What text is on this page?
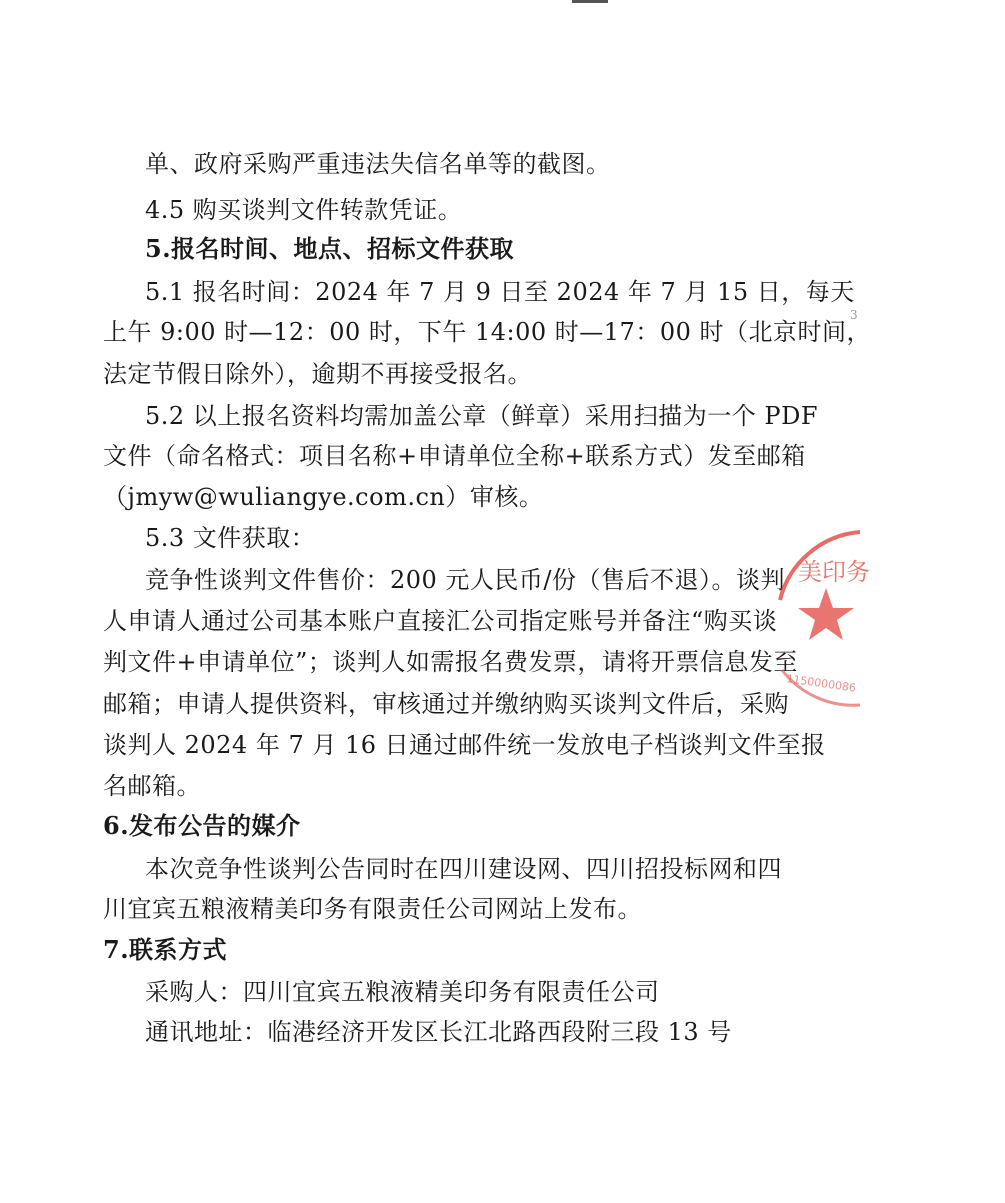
单、政府采购严重违法失信名单等的截图。
4.5 购买谈判文件转款凭证。
5.报名时间、地点、招标文件获取
5.1 报名时间：2024 年 7 月 9 日至 2024 年 7 月 15 日，每天
上午 9:00 时—12：00 时，下午 14:00 时—17：00 时（北京时间，
法定节假日除外），逾期不再接受报名。
5.2 以上报名资料均需加盖公章（鲜章）采用扫描为一个 PDF
文件（命名格式：项目名称+申请单位全称+联系方式）发至邮箱
（jmyw@wuliangye.com.cn）审核。
5.3 文件获取：
竞争性谈判文件售价：200 元人民币/份（售后不退）。谈判
人申请人通过公司基本账户直接汇公司指定账号并备注“购买谈
判文件+申请单位”；谈判人如需报名费发票，请将开票信息发至
邮箱；申请人提供资料，审核通过并缴纳购买谈判文件后，采购
谈判人 2024 年 7 月 16 日通过邮件统一发放电子档谈判文件至报
名邮箱。
6.发布公告的媒介
本次竞争性谈判公告同时在四川建设网、四川招投标网和四
川宜宾五粮液精美印务有限责任公司网站上发布。
7.联系方式
采购人：四川宜宾五粮液精美印务有限责任公司
通讯地址：临港经济开发区长江北路西段附三段 13 号
3
美印务
1150000086
